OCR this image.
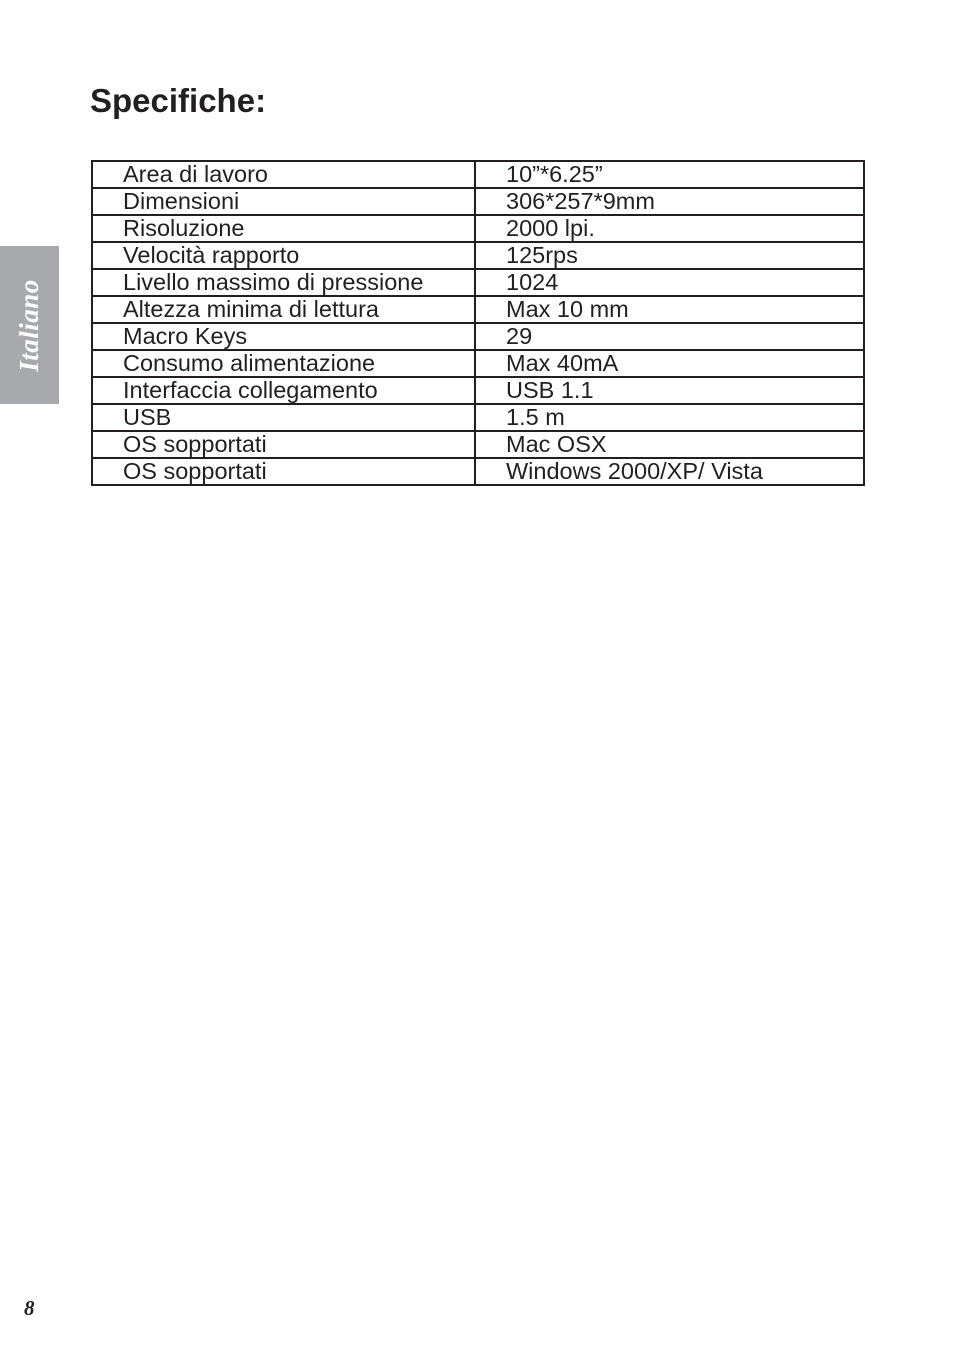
Italiano
Specifiche:
Area di lavoro	10”*6.25”
Dimensioni	306*257*9mm
Risoluzione	2000 lpi.
Velocità rapporto	125rps
Livello massimo di pressione	1024
Altezza minima di lettura	Max 10 mm
Macro Keys	29
Consumo alimentazione	Max 40mA
Interfaccia collegamento	USB 1.1
USB	1.5 m
OS sopportati	Mac OSX
OS sopportati	Windows 2000/XP/ Vista
8
